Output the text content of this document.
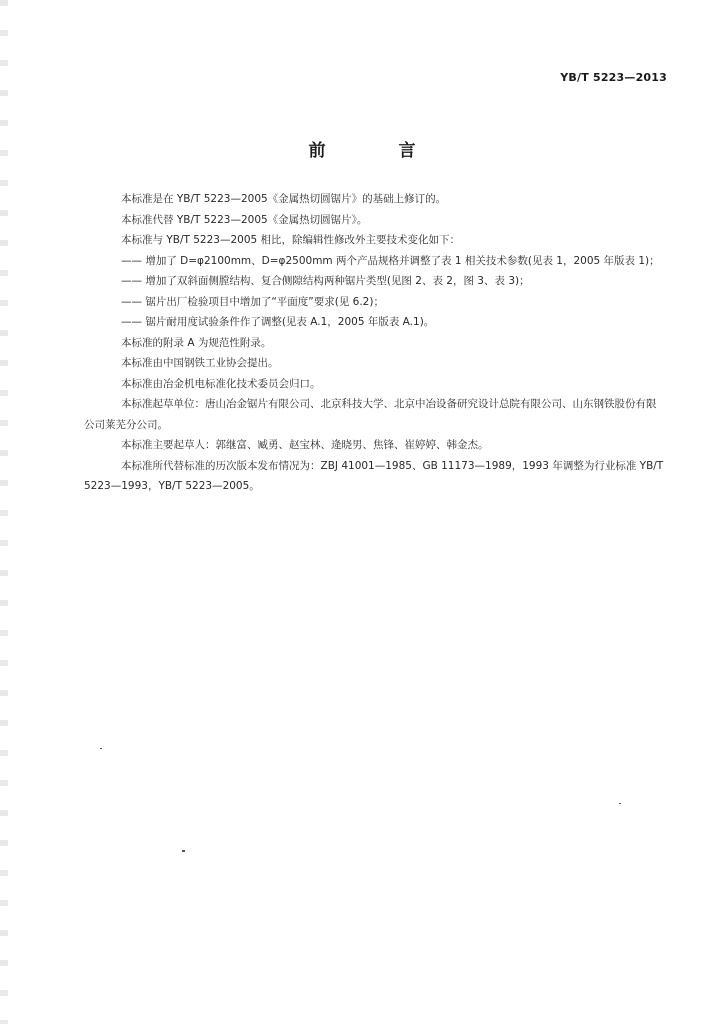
YB/T 5223—2013
前　言

本标准是在 YB/T 5223—2005《金属热切圆锯片》的基础上修订的。

本标准代替 YB/T 5223—2005《金属热切圆锯片》。

本标准与 YB/T 5223—2005 相比，除编辑性修改外主要技术变化如下：

—— 增加了 D=φ2100mm、D=φ2500mm 两个产品规格并调整了表 1 相关技术参数(见表 1，2005 年版表 1)；

—— 增加了双斜面侧膛结构、复合侧隙结构两种锯片类型(见图 2、表 2，图 3、表 3)；

—— 锯片出厂检验项目中增加了“平面度”要求(见 6.2)；

—— 锯片耐用度试验条件作了调整(见表 A.1，2005 年版表 A.1)。

本标准的附录 A 为规范性附录。

本标准由中国钢铁工业协会提出。

本标准由冶金机电标准化技术委员会归口。

本标准起草单位：唐山冶金锯片有限公司、北京科技大学、北京中冶设备研究设计总院有限公司、山东钢铁股份有限公司莱芜分公司。

本标准主要起草人：郭继富、臧勇、赵宝林、逄晓男、焦锋、崔婷婷、韩金杰。

本标准所代替标准的历次版本发布情况为：ZBJ 41001—1985、GB 11173—1989，1993 年调整为行业标准 YB/T 5223—1993，YB/T 5223—2005。
